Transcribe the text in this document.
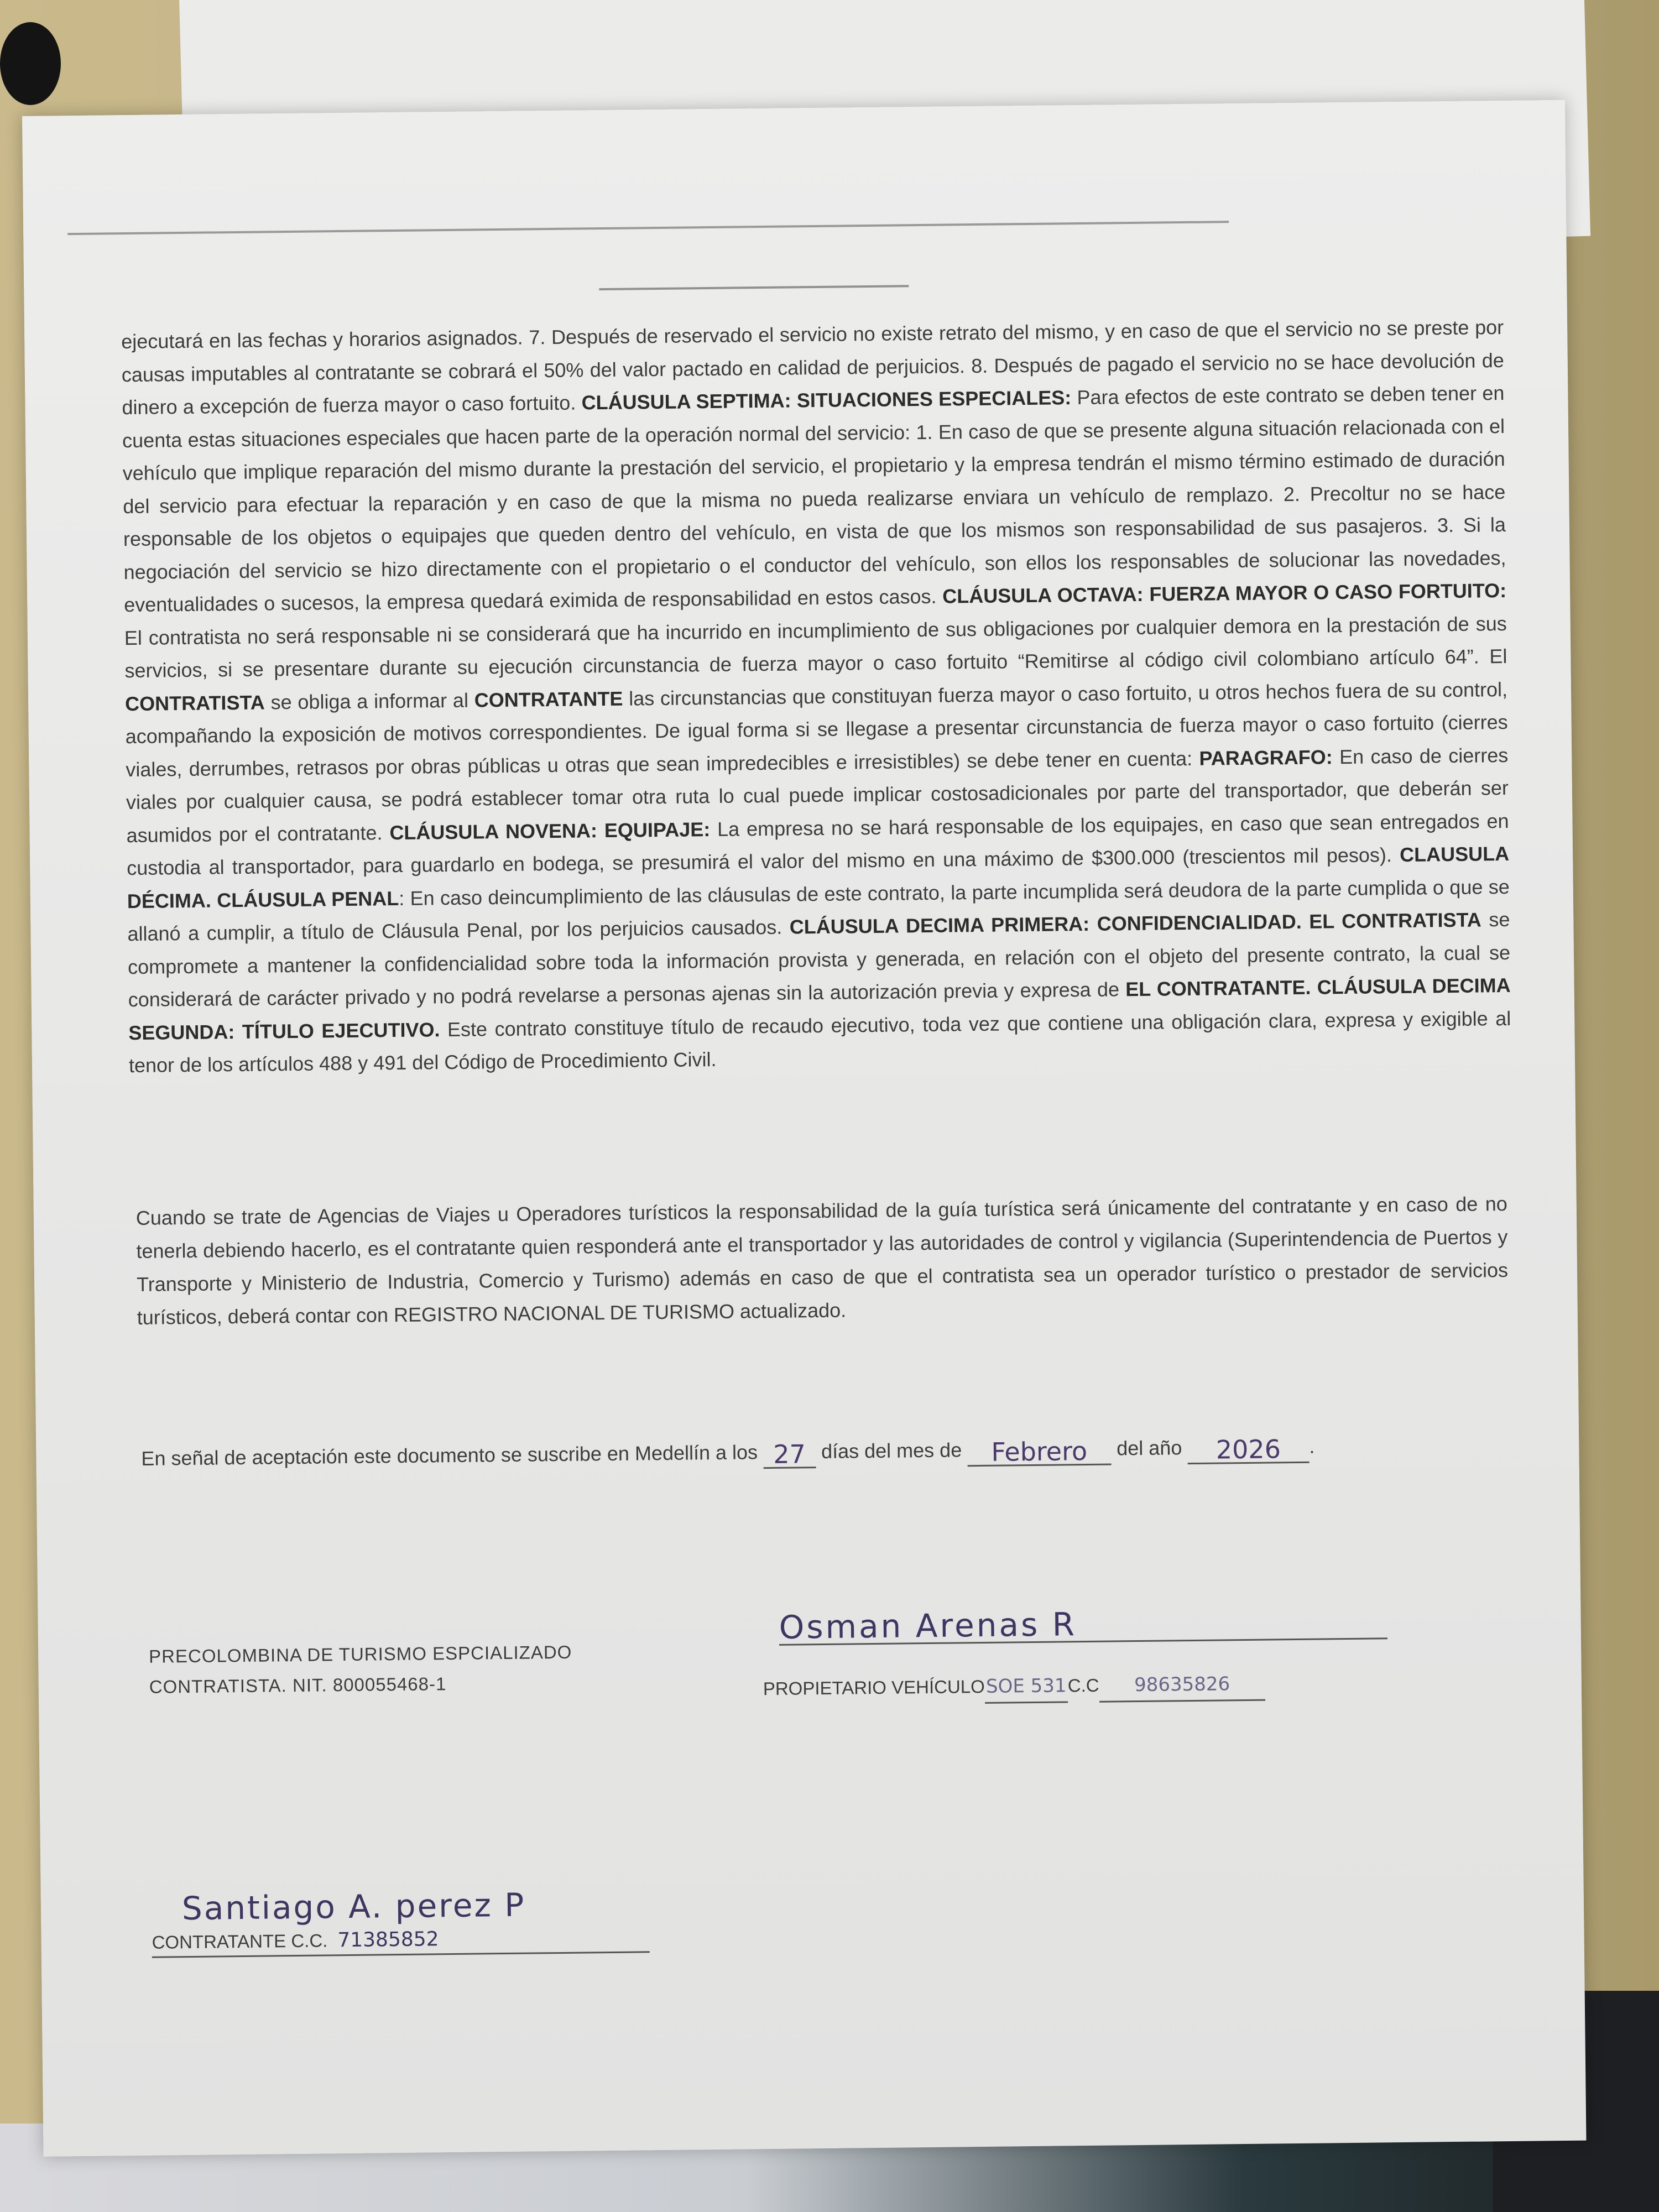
ejecutará en las fechas y horarios asignados. 7. Después de reservado el servicio no existe retrato del mismo, y en caso de que el servicio no se preste por causas imputables al contratante se cobrará el 50% del valor pactado en calidad de perjuicios. 8. Después de pagado el servicio no se hace devolución de dinero a excepción de fuerza mayor o caso fortuito. CLÁUSULA SEPTIMA: SITUACIONES ESPECIALES: Para efectos de este contrato se deben tener en cuenta estas situaciones especiales que hacen parte de la operación normal del servicio: 1. En caso de que se presente alguna situación relacionada con el vehículo que implique reparación del mismo durante la prestación del servicio, el propietario y la empresa tendrán el mismo término estimado de duración del servicio para efectuar la reparación y en caso de que la misma no pueda realizarse enviara un vehículo de remplazo. 2. Precoltur no se hace responsable de los objetos o equipajes que queden dentro del vehículo, en vista de que los mismos son responsabilidad de sus pasajeros. 3. Si la negociación del servicio se hizo directamente con el propietario o el conductor del vehículo, son ellos los responsables de solucionar las novedades, eventualidades o sucesos, la empresa quedará eximida de responsabilidad en estos casos. CLÁUSULA OCTAVA: FUERZA MAYOR O CASO FORTUITO: El contratista no será responsable ni se considerará que ha incurrido en incumplimiento de sus obligaciones por cualquier demora en la prestación de sus servicios, si se presentare durante su ejecución circunstancia de fuerza mayor o caso fortuito “Remitirse al código civil colombiano artículo 64”. El CONTRATISTA se obliga a informar al CONTRATANTE las circunstancias que constituyan fuerza mayor o caso fortuito, u otros hechos fuera de su control, acompañando la exposición de motivos correspondientes. De igual forma si se llegase a presentar circunstancia de fuerza mayor o caso fortuito (cierres viales, derrumbes, retrasos por obras públicas u otras que sean impredecibles e irresistibles) se debe tener en cuenta: PARAGRAFO: En caso de cierres viales por cualquier causa, se podrá establecer tomar otra ruta lo cual puede implicar costosadicionales por parte del transportador, que deberán ser asumidos por el contratante. CLÁUSULA NOVENA: EQUIPAJE: La empresa no se hará responsable de los equipajes, en caso que sean entregados en custodia al transportador, para guardarlo en bodega, se presumirá el valor del mismo en una máximo de $300.000 (trescientos mil pesos). CLAUSULA DÉCIMA. CLÁUSULA PENAL: En caso deincumplimiento de las cláusulas de este contrato, la parte incumplida será deudora de la parte cumplida o que se allanó a cumplir, a título de Cláusula Penal, por los perjuicios causados. CLÁUSULA DECIMA PRIMERA: CONFIDENCIALIDAD. EL CONTRATISTA se compromete a mantener la confidencialidad sobre toda la información provista y generada, en relación con el objeto del presente contrato, la cual se considerará de carácter privado y no podrá revelarse a personas ajenas sin la autorización previa y expresa de EL CONTRATANTE. CLÁUSULA DECIMA SEGUNDA: TÍTULO EJECUTIVO. Este contrato constituye título de recaudo ejecutivo, toda vez que contiene una obligación clara, expresa y exigible al tenor de los artículos 488 y 491 del Código de Procedimiento Civil.

Cuando se trate de Agencias de Viajes u Operadores turísticos la responsabilidad de la guía turística será únicamente del contratante y en caso de no tenerla debiendo hacerlo, es el contratante quien responderá ante el transportador y las autoridades de control y vigilancia (Superintendencia de Puertos y Transporte y Ministerio de Industria, Comercio y Turismo) además en caso de que el contratista sea un operador turístico o prestador de servicios turísticos, deberá contar con REGISTRO NACIONAL DE TURISMO actualizado.

En señal de aceptación este documento se suscribe en Medellín a los 27 días del mes de Febrero del año 2026 .
PRECOLOMBINA DE TURISMO ESPCIALIZADO
CONTRATISTA. NIT. 800055468-1
Osman Arenas R
PROPIETARIO VEHÍCULOSOE 531C.C 98635826
Santiago A. perez P
CONTRATANTE C.C. 71385852
